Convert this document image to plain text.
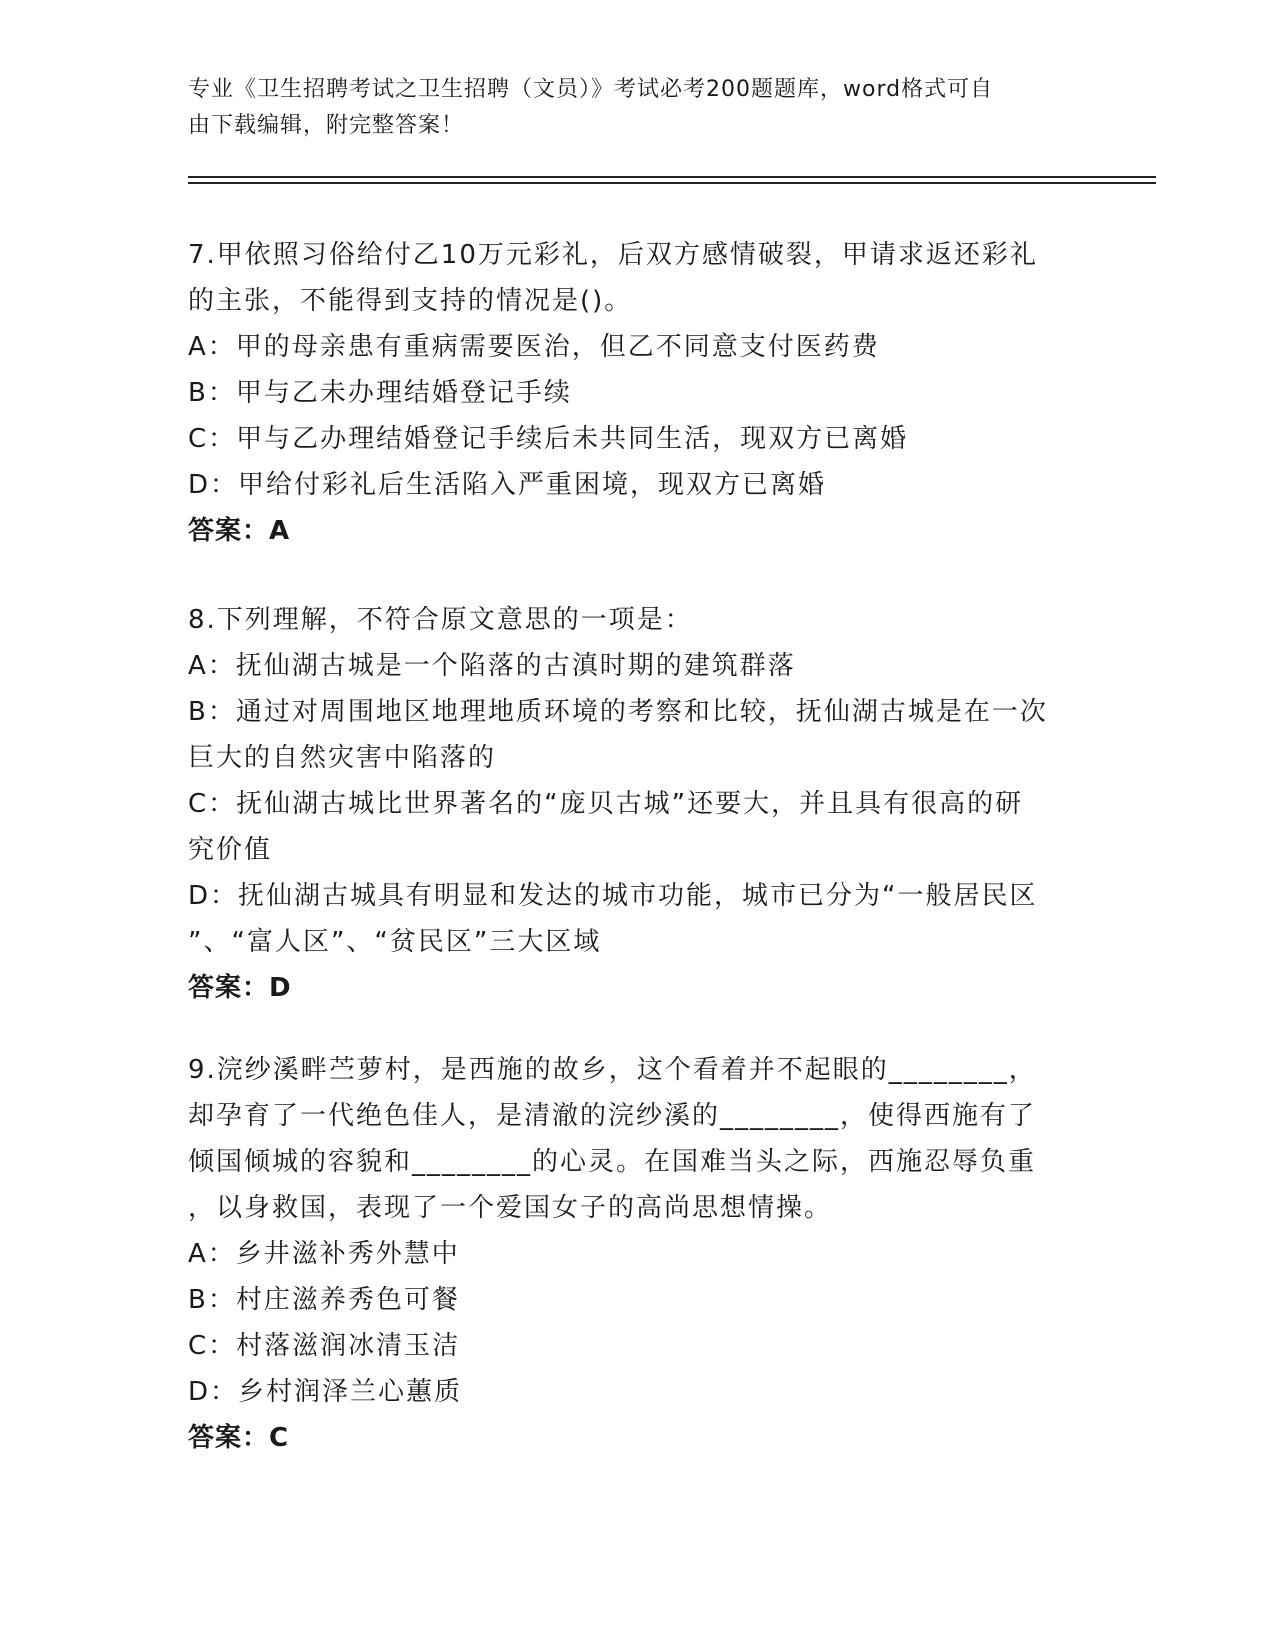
专业《卫生招聘考试之卫生招聘（文员）》考试必考200题题库，word格式可自

由下载编辑，附完整答案！

7.甲依照习俗给付乙10万元彩礼，后双方感情破裂，甲请求返还彩礼

的主张，不能得到支持的情况是()。

A：甲的母亲患有重病需要医治，但乙不同意支付医药费

B：甲与乙未办理结婚登记手续

C：甲与乙办理结婚登记手续后未共同生活，现双方已离婚

D：甲给付彩礼后生活陷入严重困境，现双方已离婚

答案：A

8.下列理解，不符合原文意思的一项是：

A：抚仙湖古城是一个陷落的古滇时期的建筑群落

B：通过对周围地区地理地质环境的考察和比较，抚仙湖古城是在一次

巨大的自然灾害中陷落的

C：抚仙湖古城比世界著名的“庞贝古城”还要大，并且具有很高的研

究价值

D：抚仙湖古城具有明显和发达的城市功能，城市已分为“一般居民区

”、“富人区”、“贫民区”三大区域

答案：D

9.浣纱溪畔苎萝村，是西施的故乡，这个看着并不起眼的________，

却孕育了一代绝色佳人，是清澈的浣纱溪的________，使得西施有了

倾国倾城的容貌和________的心灵。在国难当头之际，西施忍辱负重

，以身救国，表现了一个爱国女子的高尚思想情操。

A：乡井滋补秀外慧中

B：村庄滋养秀色可餐

C：村落滋润冰清玉洁

D：乡村润泽兰心蕙质

答案：C
